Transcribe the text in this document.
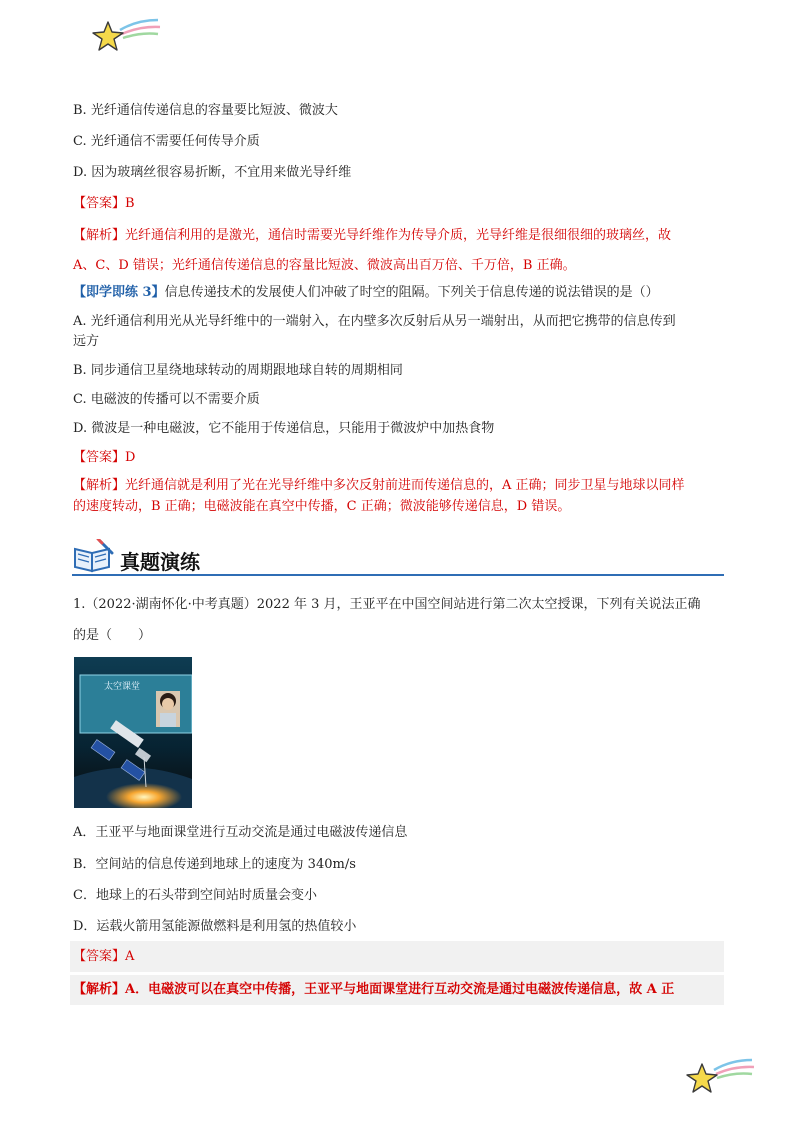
B. 光纤通信传递信息的容量要比短波、微波大
C. 光纤通信不需要任何传导介质
D. 因为玻璃丝很容易折断，不宜用来做光导纤维
【答案】B
【解析】光纤通信利用的是激光，通信时需要光导纤维作为传导介质，光导纤维是很细很细的玻璃丝，故
A、C、D 错误；光纤通信传递信息的容量比短波、微波高出百万倍、千万倍，B 正确。
【即学即练 3】信息传递技术的发展使人们冲破了时空的阻隔。下列关于信息传递的说法错误的是（）
A. 光纤通信利用光从光导纤维中的一端射入，在内壁多次反射后从另一端射出，从而把它携带的信息传到
远方
B. 同步通信卫星绕地球转动的周期跟地球自转的周期相同
C. 电磁波的传播可以不需要介质
D. 微波是一种电磁波，它不能用于传递信息，只能用于微波炉中加热食物
【答案】D
【解析】光纤通信就是利用了光在光导纤维中多次反射前进而传递信息的，A 正确；同步卫星与地球以同样
的速度转动，B 正确；电磁波能在真空中传播，C 正确；微波能够传递信息，D 错误。
真题演练
1.（2022·湖南怀化·中考真题）2022 年 3 月，王亚平在中国空间站进行第二次太空授课，下列有关说法正确
的是（　　）
太空课堂
A．王亚平与地面课堂进行互动交流是通过电磁波传递信息
B．空间站的信息传递到地球上的速度为 340m/s
C．地球上的石头带到空间站时质量会变小
D．运载火箭用氢能源做燃料是利用氢的热值较小
【答案】A
【解析】A．电磁波可以在真空中传播，王亚平与地面课堂进行互动交流是通过电磁波传递信息，故 A 正
